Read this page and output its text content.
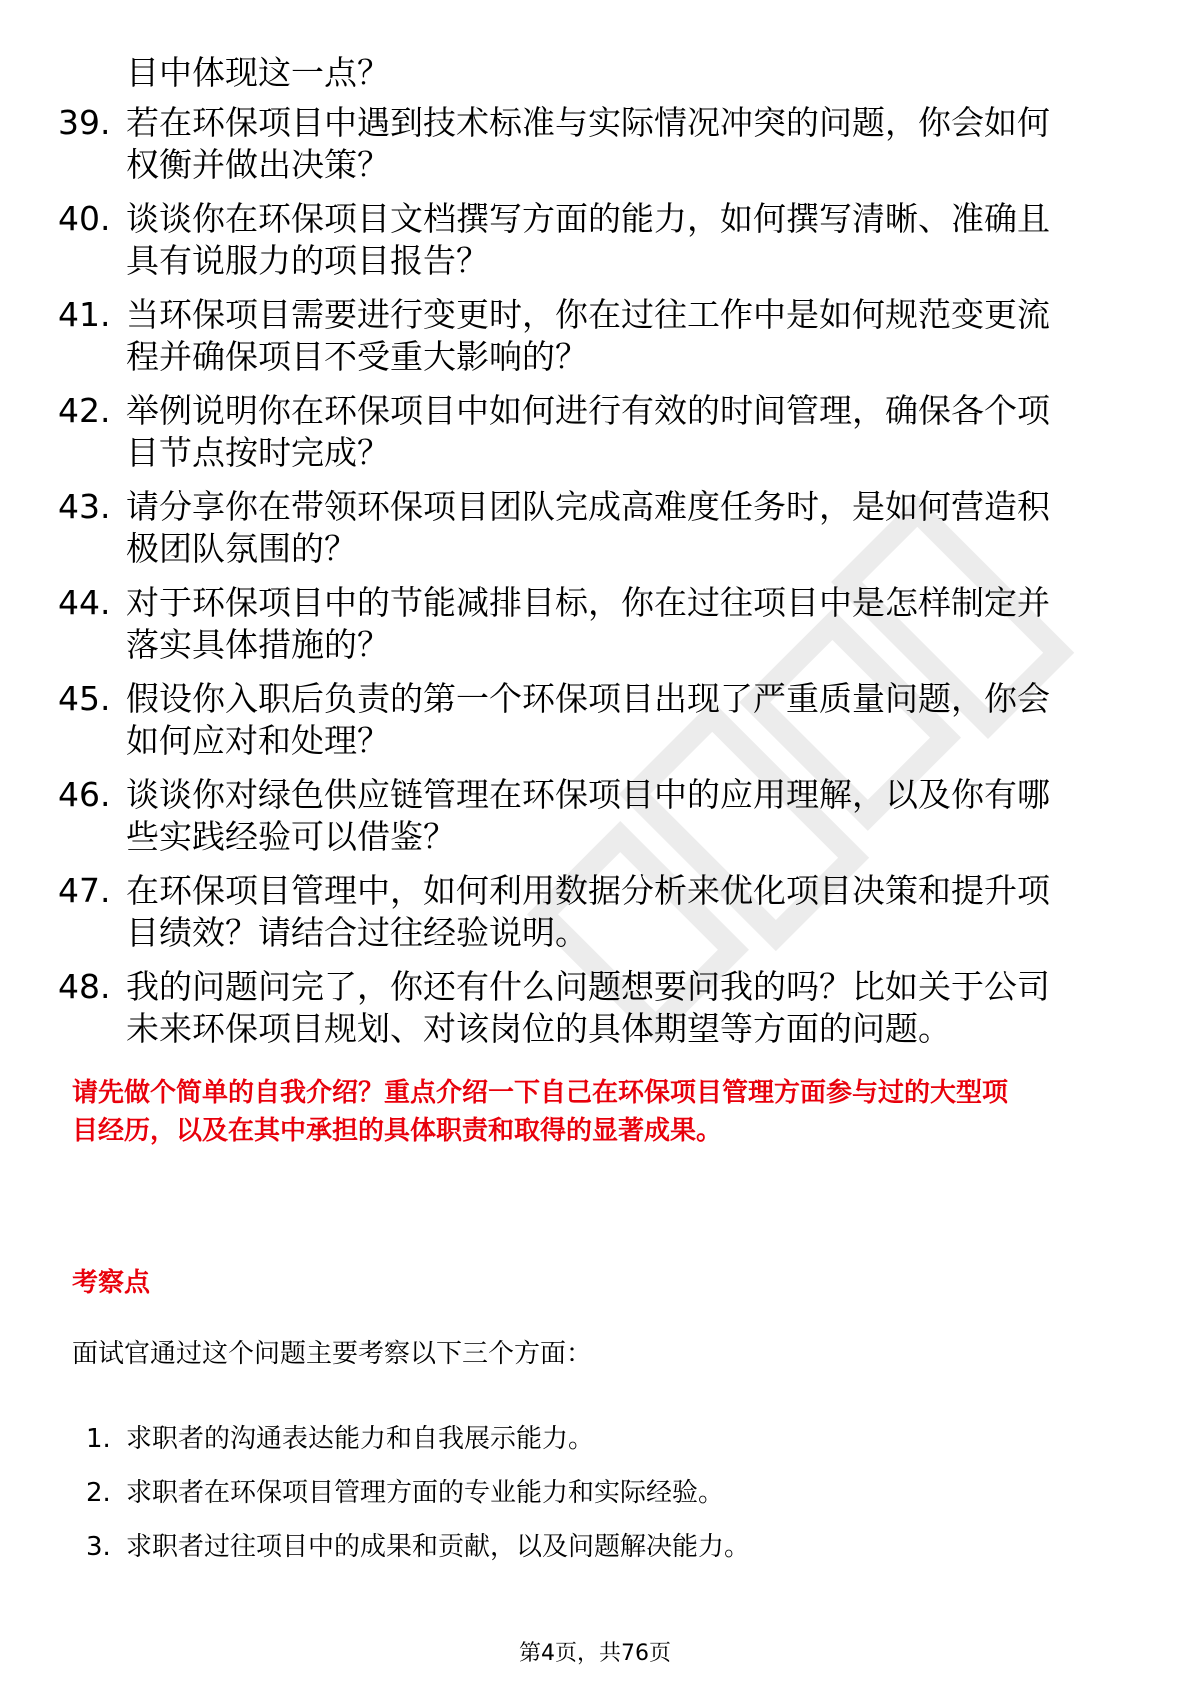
目中体现这一点？
39. 若在环保项目中遇到技术标准与实际情况冲突的问题，你会如何
权衡并做出决策？
40. 谈谈你在环保项目文档撰写方面的能力，如何撰写清晰、准确且
具有说服力的项目报告？
41. 当环保项目需要进行变更时，你在过往工作中是如何规范变更流
程并确保项目不受重大影响的？
42. 举例说明你在环保项目中如何进行有效的时间管理，确保各个项
目节点按时完成？
43. 请分享你在带领环保项目团队完成高难度任务时，是如何营造积
极团队氛围的？
44. 对于环保项目中的节能减排目标，你在过往项目中是怎样制定并
落实具体措施的？
45. 假设你入职后负责的第一个环保项目出现了严重质量问题，你会
如何应对和处理？
46. 谈谈你对绿色供应链管理在环保项目中的应用理解，以及你有哪
些实践经验可以借鉴？
47. 在环保项目管理中，如何利用数据分析来优化项目决策和提升项
目绩效？请结合过往经验说明。
48. 我的问题问完了，你还有什么问题想要问我的吗？比如关于公司
未来环保项目规划、对该岗位的具体期望等方面的问题。
请先做个简单的自我介绍？重点介绍一下自己在环保项目管理方面参与过的大型项
目经历，以及在其中承担的具体职责和取得的显著成果。
考察点
面试官通过这个问题主要考察以下三个方面：
1. 求职者的沟通表达能力和自我展示能力。
2. 求职者在环保项目管理方面的专业能力和实际经验。
3. 求职者过往项目中的成果和贡献，以及问题解决能力。
第4页，共76页
